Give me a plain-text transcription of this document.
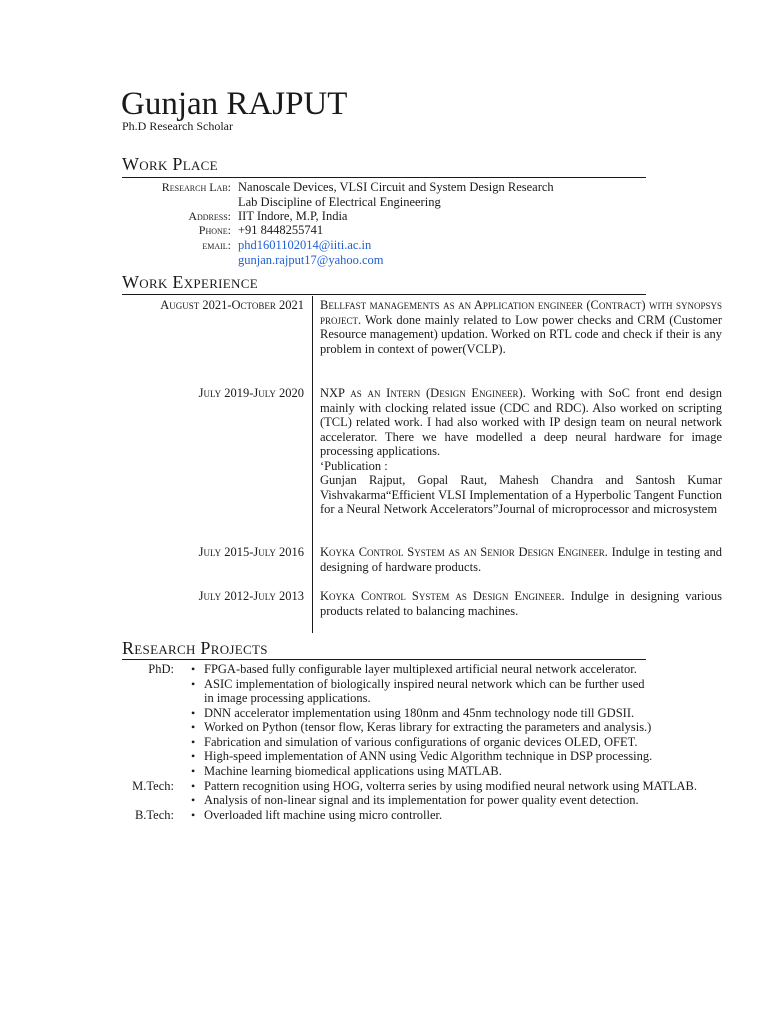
Gunjan RAJPUT
Ph.D Research Scholar
Work Place
Research Lab: Nanoscale Devices, VLSI Circuit and System Design Research
Lab Discipline of Electrical Engineering
Address: IIT Indore, M.P, India
Phone: +91 8448255741
email: phd1601102014@iiti.ac.in
gunjan.rajput17@yahoo.com
Work Experience
August 2021-October 2021 Bellfast managements as an Application engineer (Contract) with synopsys project. Work done mainly related to Low power checks and CRM (Customer Resource management) updation. Worked on RTL code and check if their is any problem in context of power(VCLP).
July 2019-July 2020 NXP as an Intern (Design Engineer). Working with SoC front end design mainly with clocking related issue (CDC and RDC). Also worked on scripting (TCL) related work. I had also worked with IP design team on neural network accelerator. There we have modelled a deep neural hardware for image processing applications.

‘Publication :

Gunjan Rajput, Gopal Raut, Mahesh Chandra and Santosh Kumar Vishvakarma“Efficient VLSI Implementation of a Hyperbolic Tangent Function for a Neural Network Accelerators”Journal of microprocessor and microsystem

July 2015-July 2016 Koyka Control System as an Senior Design Engineer. Indulge in testing and designing of hardware products.
July 2012-July 2013 Koyka Control System as Design Engineer. Indulge in designing various products related to balancing machines.
Research Projects
PhD: • FPGA-based fully configurable layer multiplexed artificial neural network accelerator.
• ASIC implementation of biologically inspired neural network which can be further used
in image processing applications.
• DNN accelerator implementation using 180nm and 45nm technology node till GDSII.
• Worked on Python (tensor flow, Keras library for extracting the parameters and analysis.)
• Fabrication and simulation of various configurations of organic devices OLED, OFET.
• High-speed implementation of ANN using Vedic Algorithm technique in DSP processing.
• Machine learning biomedical applications using MATLAB.
M.Tech: • Pattern recognition using HOG, volterra series by using modified neural network using MATLAB.
• Analysis of non-linear signal and its implementation for power quality event detection.
B.Tech: • Overloaded lift machine using micro controller.
